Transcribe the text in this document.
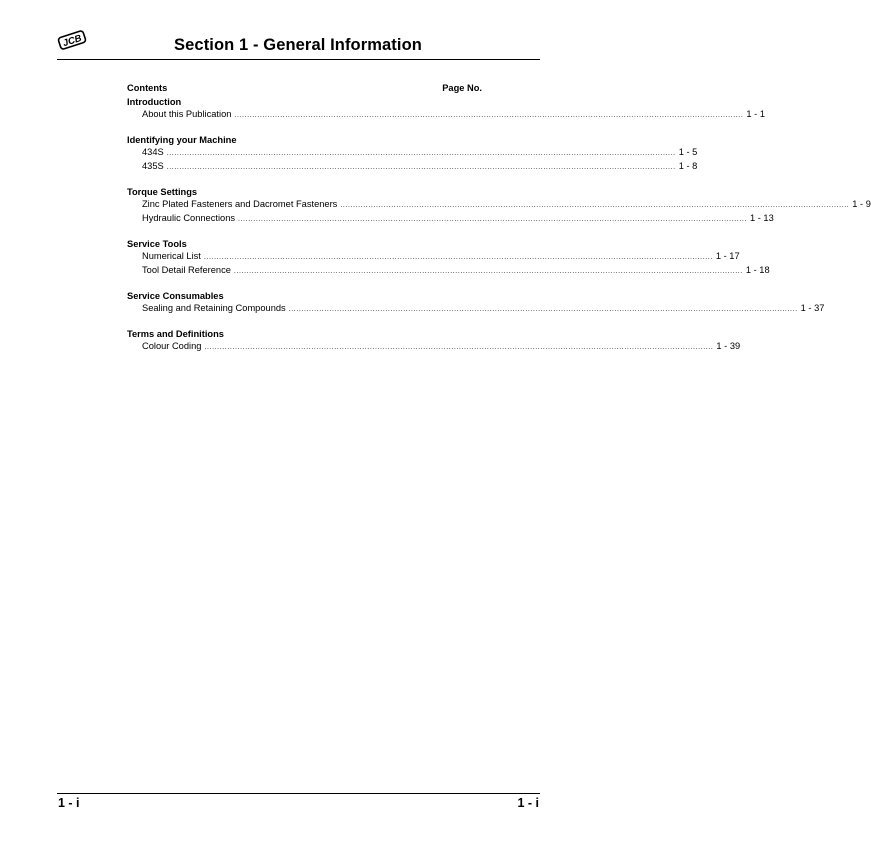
JCB	Section 1 - General Information
Contents	Page No.
Introduction
About this Publication ........................................................................................................................................................................................................ 1 - 1
Identifying your Machine
434S ........................................................................................................................................................................................................ 1 - 5
435S ........................................................................................................................................................................................................ 1 - 8
Torque Settings
Zinc Plated Fasteners and Dacromet Fasteners ........................................................................................................................................................................................................ 1 - 9
Hydraulic Connections ........................................................................................................................................................................................................ 1 - 13
Service Tools
Numerical List ........................................................................................................................................................................................................ 1 - 17
Tool Detail Reference ........................................................................................................................................................................................................ 1 - 18
Service Consumables
Sealing and Retaining Compounds ........................................................................................................................................................................................................ 1 - 37
Terms and Definitions
Colour Coding ........................................................................................................................................................................................................ 1 - 39
1 - i	1 - i
